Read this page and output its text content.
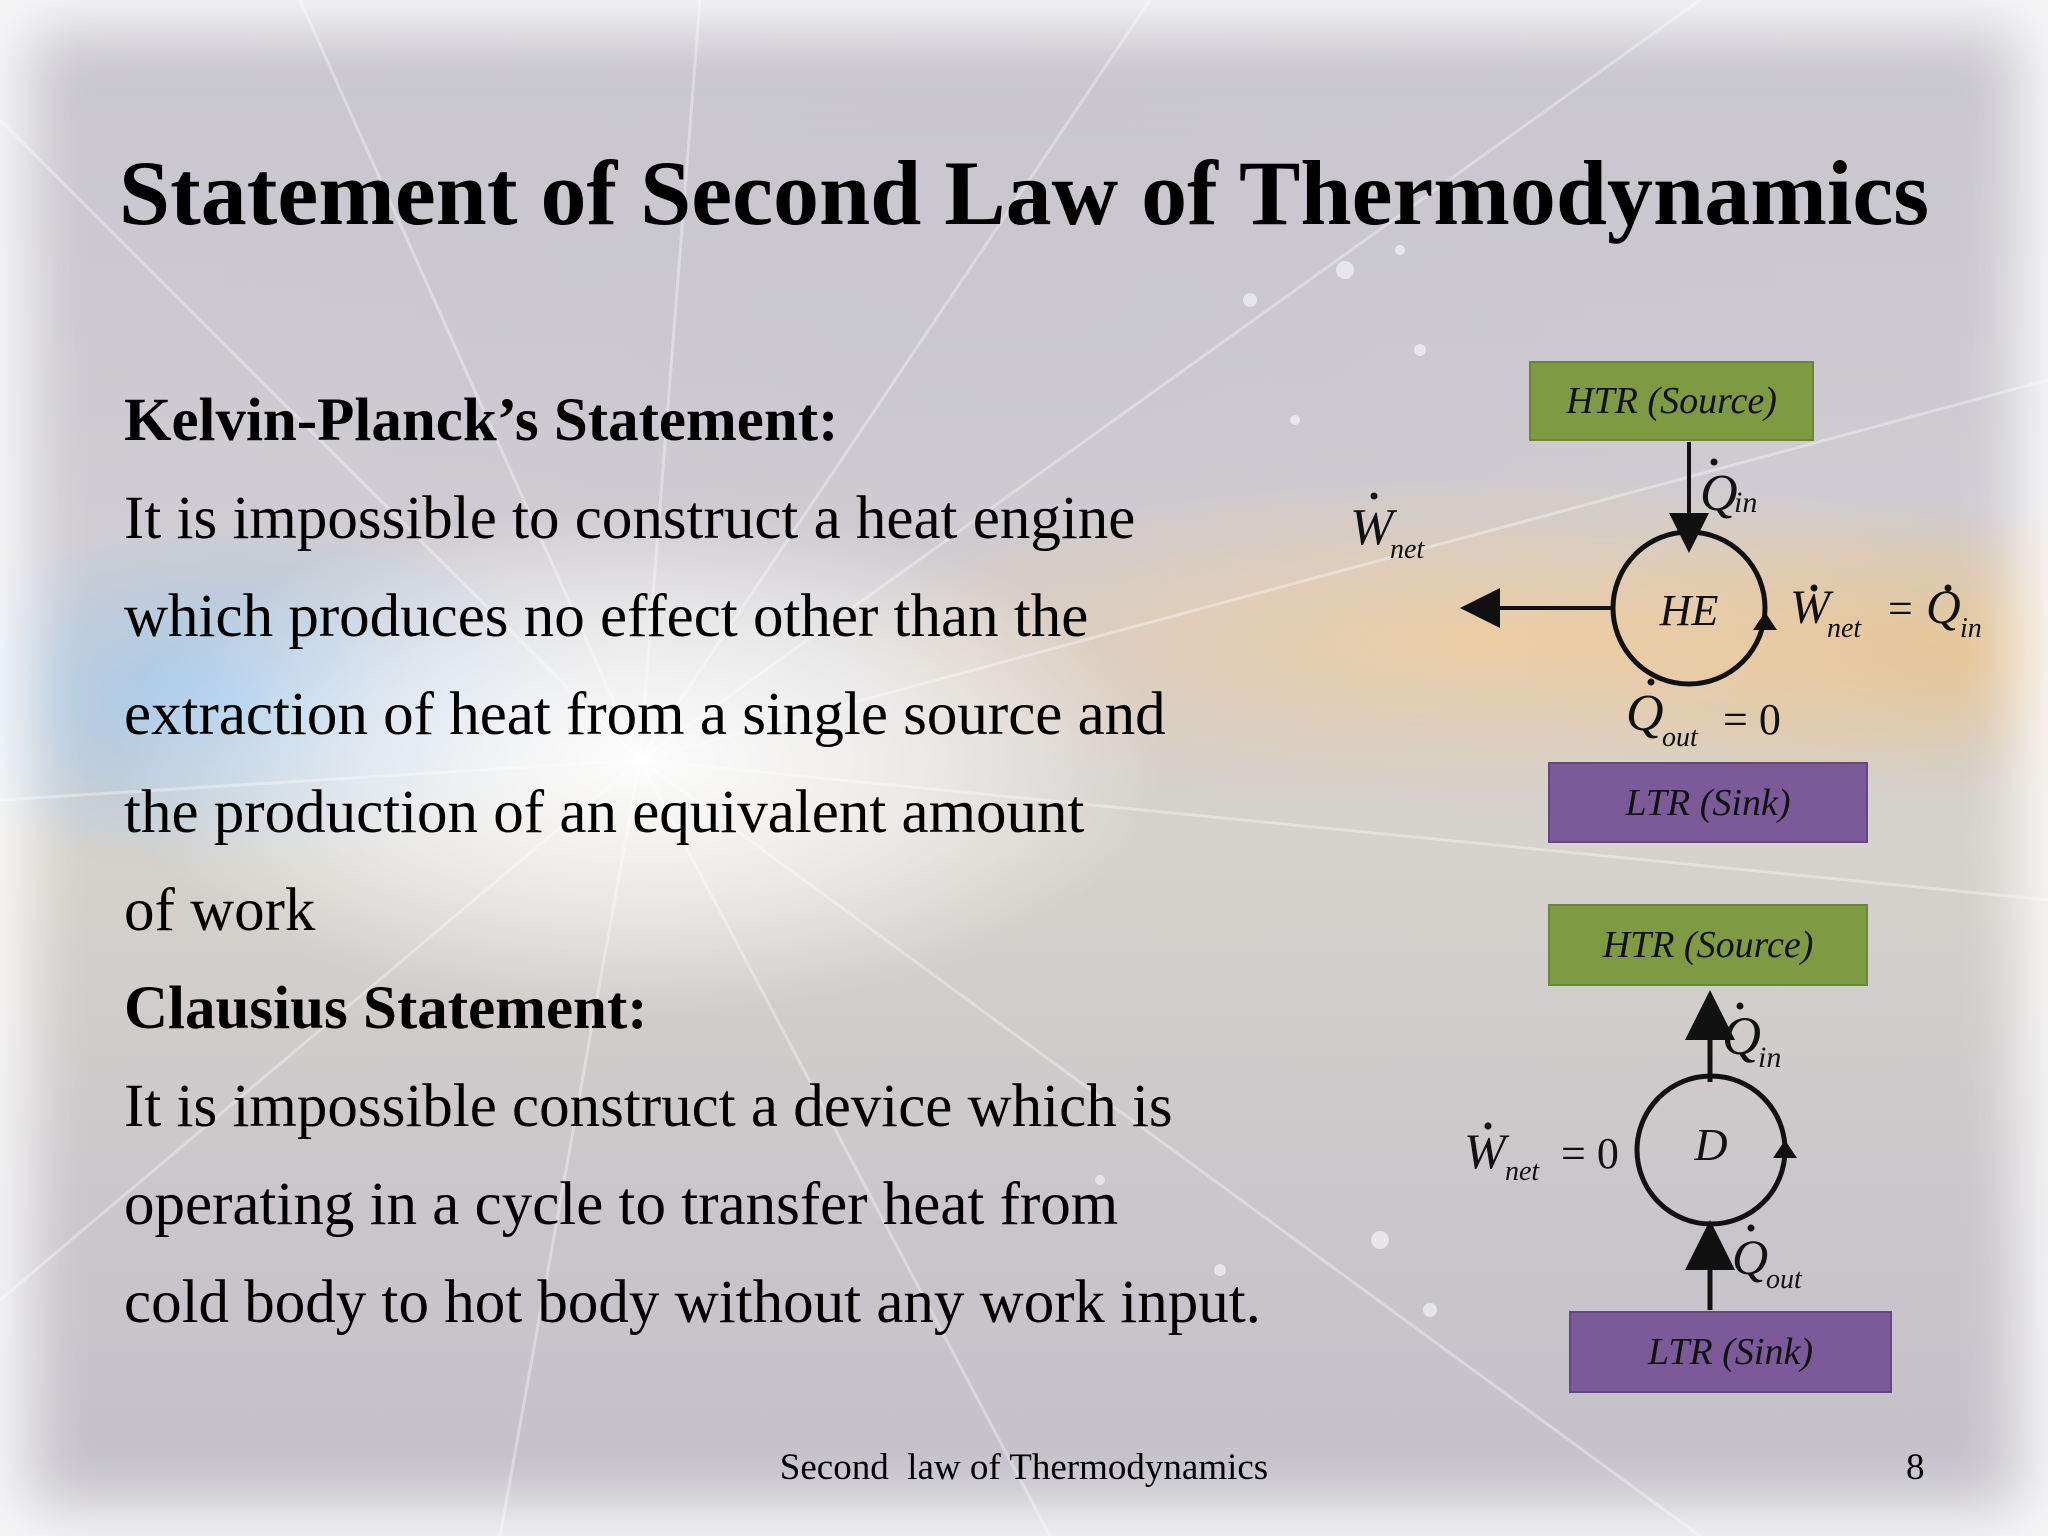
Statement of Second Law of Thermodynamics
Kelvin-Planck’s Statement:
It is impossible to construct a heat engine
which produces no effect other than the
extraction of heat from a single source and
the production of an equivalent amount
of work
Clausius Statement:
It is impossible construct a device which is
operating in a cycle to transfer heat from
cold body to hot body without any work input.
HTR (Source)
LTR (Sink)
HTR (Source)
LTR (Sink)
HE
Q
in
W
net
W
net = Q in
Q
out = 0
D
Q
in
W net = 0
Q
out
Second  law of Thermodynamics	8
